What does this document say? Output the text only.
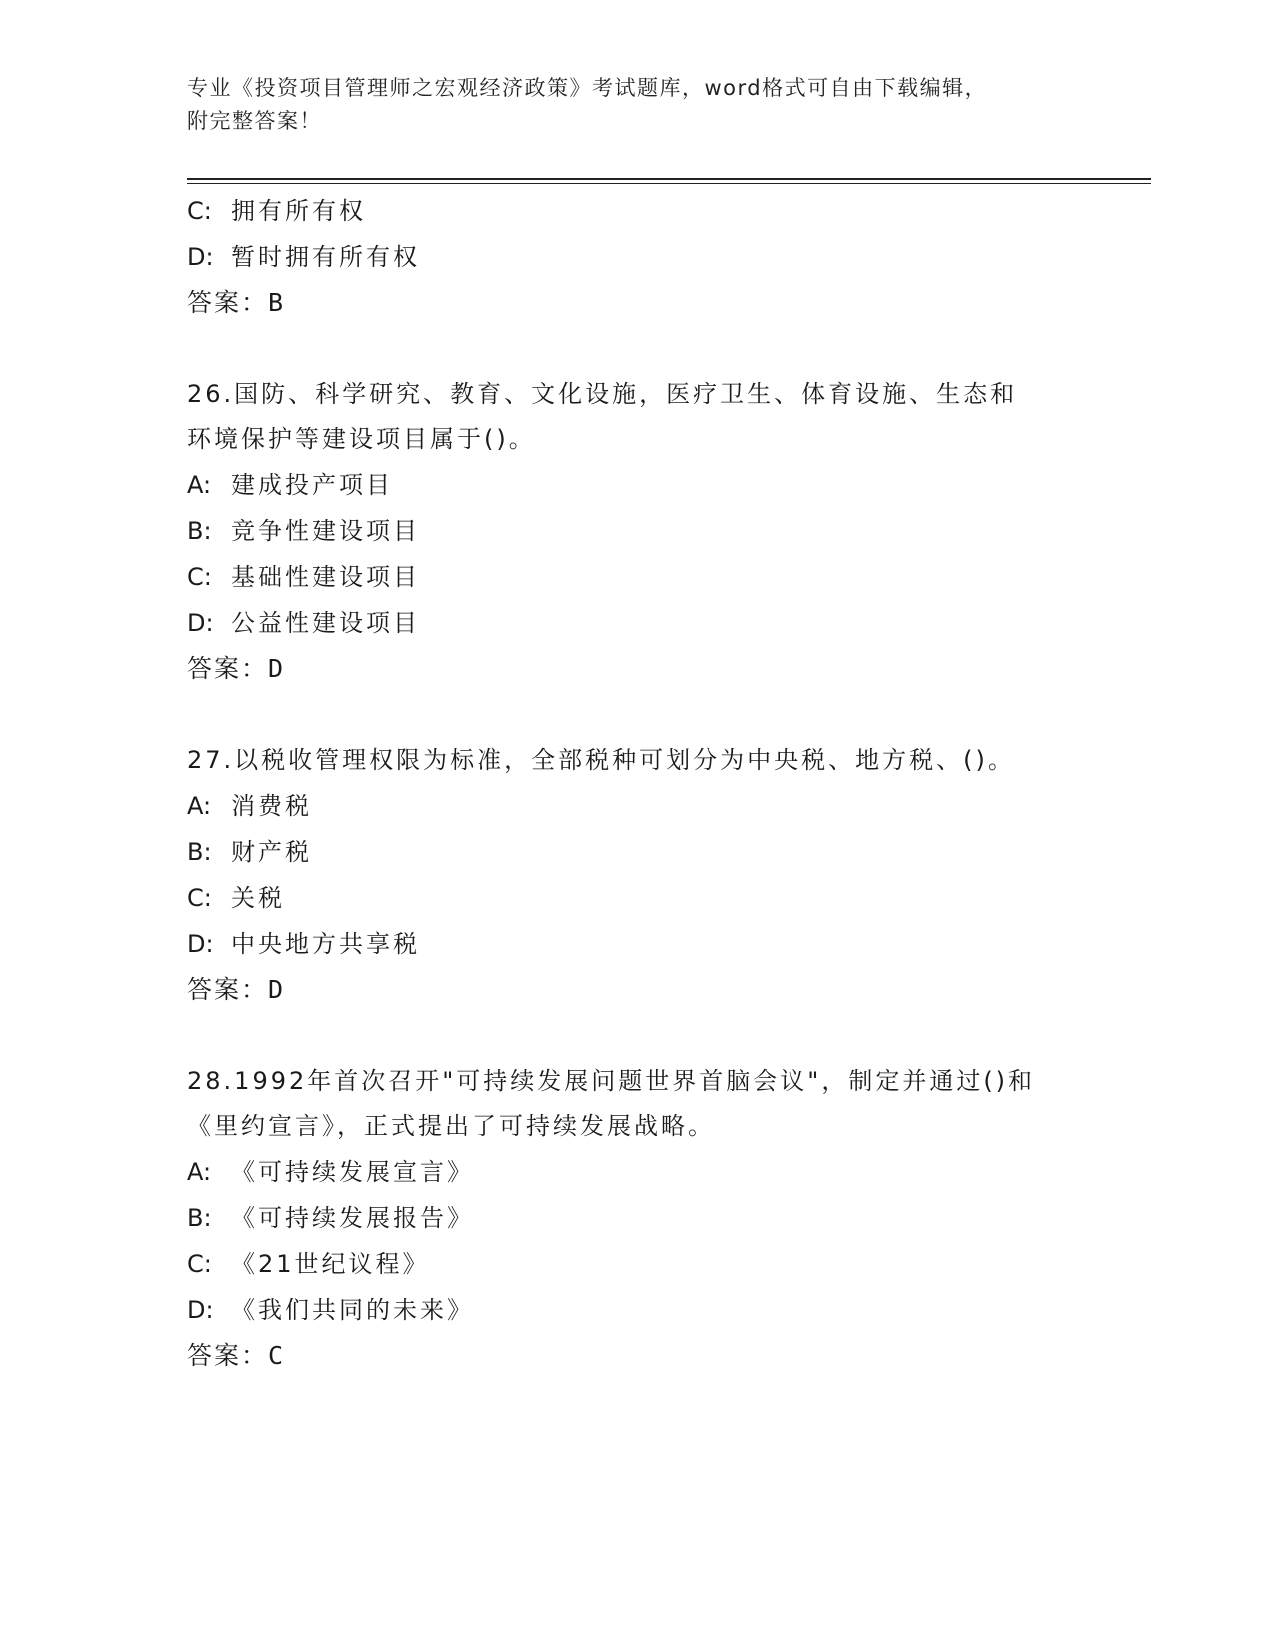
专业《投资项目管理师之宏观经济政策》考试题库，word格式可自由下载编辑，
附完整答案！
C: 拥有所有权
D: 暂时拥有所有权
答案：B
26.国防、科学研究、教育、文化设施，医疗卫生、体育设施、生态和
环境保护等建设项目属于()。
A: 建成投产项目
B: 竞争性建设项目
C: 基础性建设项目
D: 公益性建设项目
答案：D
27.以税收管理权限为标准，全部税种可划分为中央税、地方税、()。
A: 消费税
B: 财产税
C: 关税
D: 中央地方共享税
答案：D
28.1992年首次召开"可持续发展问题世界首脑会议"，制定并通过()和
《里约宣言》，正式提出了可持续发展战略。
A: 《可持续发展宣言》
B: 《可持续发展报告》
C: 《21世纪议程》
D: 《我们共同的未来》
答案：C
